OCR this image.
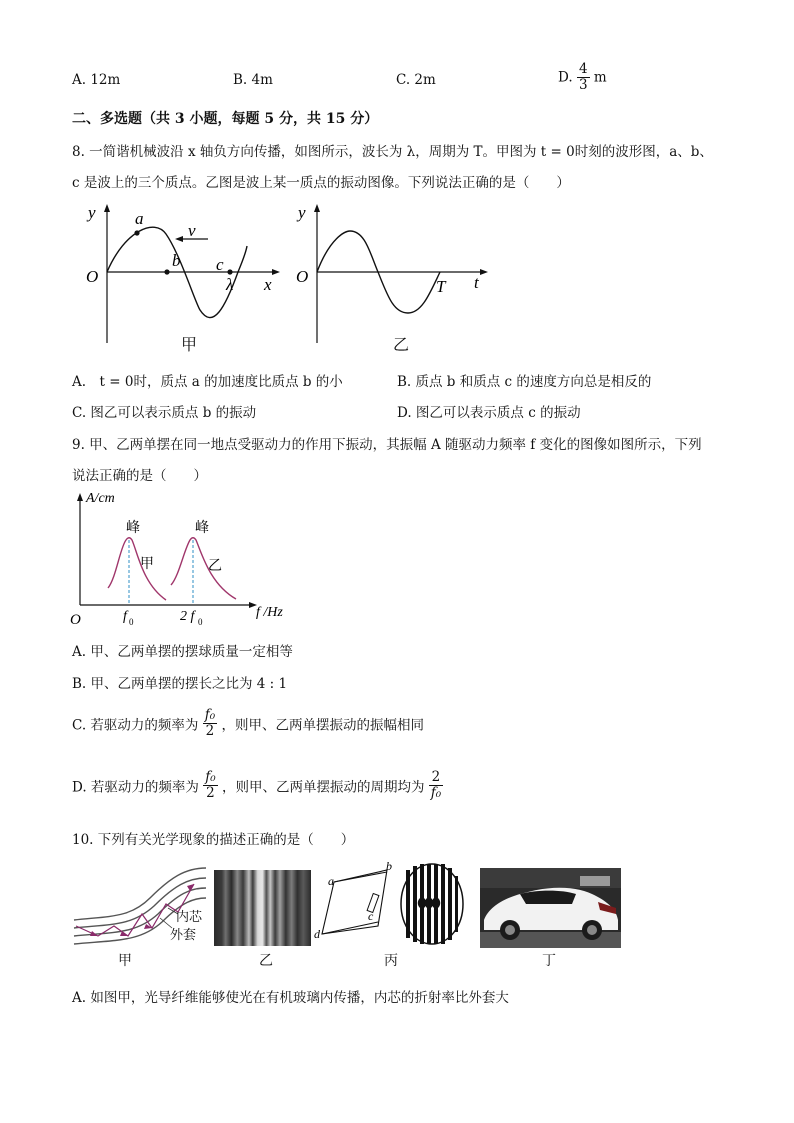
A. 12m	B. 4m	C. 2m	D. $\frac{4}{3}$ m
二、多选题（共 3 小题，每题 5 分，共 15 分）
8. 一简谐机械波沿 x 轴负方向传播，如图所示，波长为 λ，周期为 T。甲图为 t = 0时刻的波形图，a、b、
c 是波上的三个质点。乙图是波上某一质点的振动图像。下列说法正确的是（　　）
y
O	x
a
b c
v
λ
甲
y
O	t
T
乙
A.　t = 0时，质点 a 的加速度比质点 b 的小	B. 质点 b 和质点 c 的速度方向总是相反的
C. 图乙可以表示质点 b 的振动	D. 图乙可以表示质点 c 的振动
9. 甲、乙两单摆在同一地点受驱动力的作用下振动，其振幅 A 随驱动力频率 f 变化的图像如图所示，下列
说法正确的是（　　）
A/cm
O	f /Hz
峰	峰
甲	乙
f 0	2 f 0
A. 甲、乙两单摆的摆球质量一定相等
B. 甲、乙两单摆的摆长之比为 4 : 1
C. 若驱动力的频率为 $\frac{\text{f₀}}{2}$ ，则甲、乙两单摆振动的振幅相同
D. 若驱动力的频率为 $\frac{\text{f₀}}{2}$ ，则甲、乙两单摆振动的周期均为 $\frac{2}{\text{f₀}}$
10. 下列有关光学现象的描述正确的是（　　）
内芯
外套
甲	乙
a
b
c
d
丙	丁
A. 如图甲，光导纤维能够使光在有机玻璃内传播，内芯的折射率比外套大
